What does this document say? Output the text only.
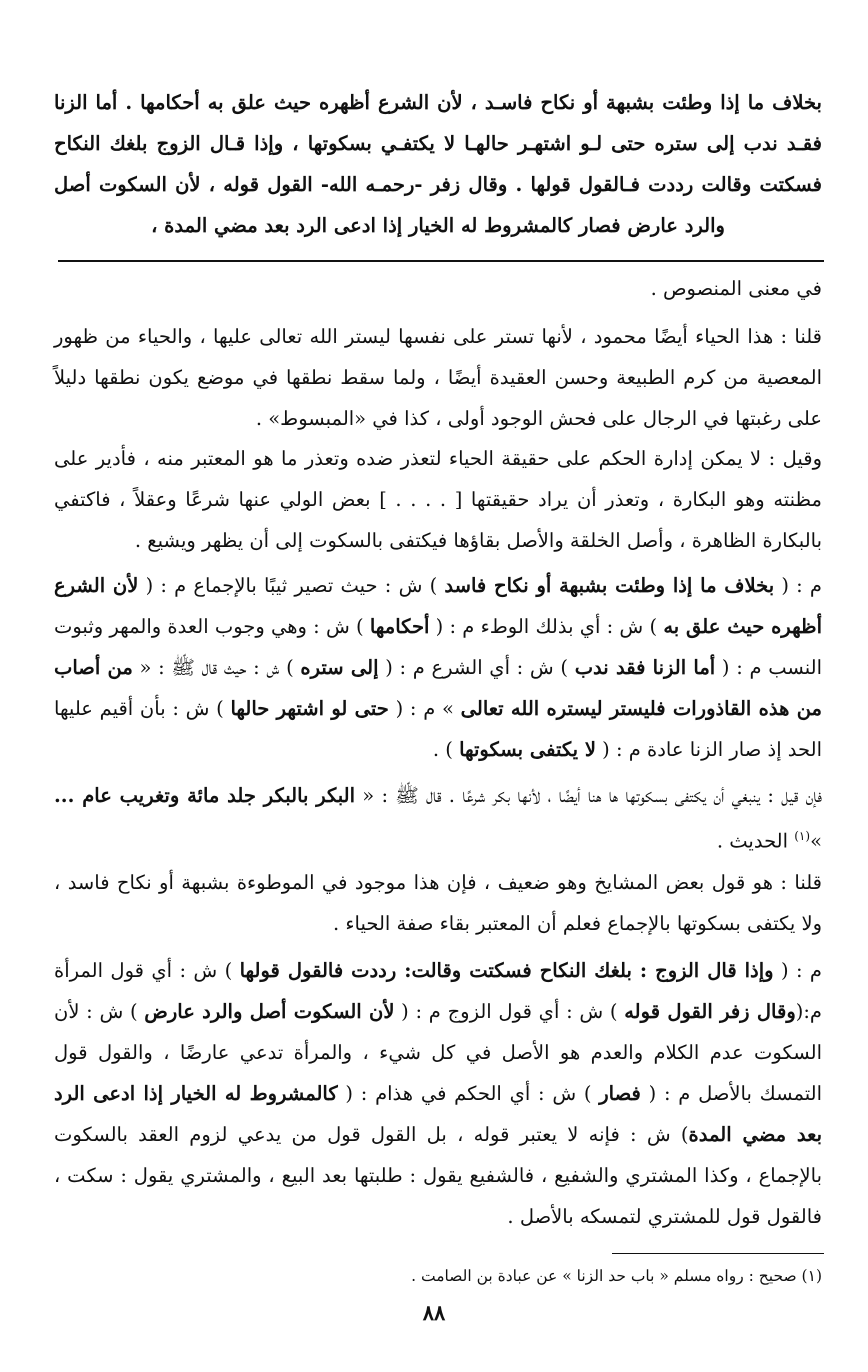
بخلاف ما إذا وطئت بشبهة أو نكاح فاسـد ، لأن الشرع أظهره حيث علق به أحكامها . أما الزنا فقـد ندب إلى ستره حتى لـو اشتهـر حالهـا لا يكتفـي بسكوتها ، وإذا قـال الزوج بلغك النكاح فسكتت وقالت رددت فـالقول قولها . وقال زفر -رحمـه الله- القول قوله ، لأن السكوت أصل والرد عارض فصار كالمشروط له الخيار إذا ادعى الرد بعد مضي المدة ،

في معنى المنصوص .

قلنا : هذا الحياء أيضًا محمود ، لأنها تستر على نفسها ليستر الله تعالى عليها ، والحياء من ظهور المعصية من كرم الطبيعة وحسن العقيدة أيضًا ، ولما سقط نطقها في موضع يكون نطقها دليلاً على رغبتها في الرجال على فحش الوجود أولى ، كذا في «المبسوط» .

وقيل : لا يمكن إدارة الحكم على حقيقة الحياء لتعذر ضده وتعذر ما هو المعتبر منه ، فأدير على مظنته وهو البكارة ، وتعذر أن يراد حقيقتها [ . . . . ] بعض الولي عنها شرعًا وعقلاً ، فاكتفي بالبكارة الظاهرة ، وأصل الخلقة والأصل بقاؤها فيكتفى بالسكوت إلى أن يظهر ويشيع .

م : ( بخلاف ما إذا وطئت بشبهة أو نكاح فاسد ) ش : حيث تصير ثيبًا بالإجماع م : ( لأن الشرع أظهره حيث علق به ) ش : أي بذلك الوطء م : ( أحكامها ) ش : وهي وجوب العدة والمهر وثبوت النسب م : ( أما الزنا فقد ندب ) ش : أي الشرع م : ( إلى ستره ) ش : حيث قال ﷺ : « من أصاب من هذه القاذورات فليستر ليستره الله تعالى » م : ( حتى لو اشتهر حالها ) ش : بأن أقيم عليها الحد إذ صار الزنا عادة م : ( لا يكتفى بسكوتها ) .

فإن قيل : ينبغي أن يكتفى بسكوتها ها هنا أيضًا ، لأنها بكر شرعًا . قال ﷺ : « البكر بالبكر جلد مائة وتغريب عام ... »$^{(١)}$ الحديث .

قلنا : هو قول بعض المشايخ وهو ضعيف ، فإن هذا موجود في الموطوءة بشبهة أو نكاح فاسد ، ولا يكتفى بسكوتها بالإجماع فعلم أن المعتبر بقاء صفة الحياء .

م : ( وإذا قال الزوج : بلغك النكاح فسكتت وقالت: رددت فالقول قولها ) ش : أي قول المرأة م:(وقال زفر القول قوله ) ش : أي قول الزوج م : ( لأن السكوت أصل والرد عارض ) ش : لأن السكوت عدم الكلام والعدم هو الأصل في كل شيء ، والمرأة تدعي عارضًا ، والقول قول التمسك بالأصل م : ( فصار ) ش : أي الحكم في هذام : ( كالمشروط له الخيار إذا ادعى الرد بعد مضي المدة) ش : فإنه لا يعتبر قوله ، بل القول قول من يدعي لزوم العقد بالسكوت بالإجماع ، وكذا المشتري والشفيع ، فالشفيع يقول : طلبتها بعد البيع ، والمشتري يقول : سكت ، فالقول قول للمشتري لتمسكه بالأصل .

(١) صحيح : رواه مسلم « باب حد الزنا » عن عبادة بن الصامت .

٨٨
